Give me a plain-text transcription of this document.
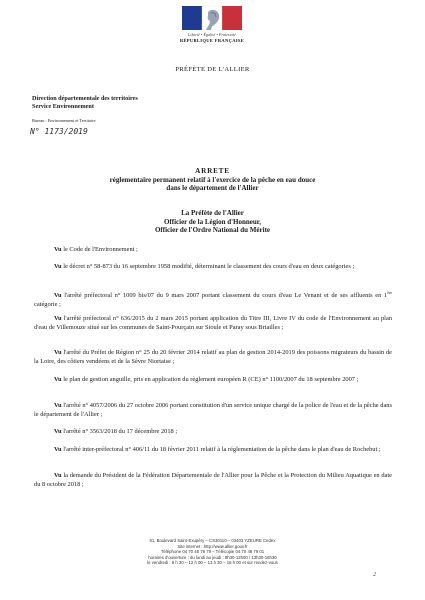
Liberté • Égalité • Fraternité
RÉPUBLIQUE FRANÇAISE
PRÉFÈTE DE L'ALLIER
Direction départementale des territoires
Service Environnement
Bureau : Environnement et Territoire
N° 1173/2019
ARRETE
réglementaire permanent relatif à l'exercice de la pêche en eau douce
dans le département de l'Allier
La Préfète de l'Allier
Officier de la Légion d'Honneur,
Officier de l'Ordre National du Mérite
Vu le Code de l'Environnement ;
Vu le décret n° 58-873 du 16 septembre 1958 modifié, déterminant le classement des cours d'eau en deux catégories ;
Vu l'arrêté préfectoral n° 1009 bis/07 du 9 mars 2007 portant classement du cours d'eau Le Venant et de ses affluents en 1ère catégorie ;
Vu l'arrêté préfectoral n° 636/2015 du 2 mars 2015 portant application du Titre III, Livre IV du code de l'Environnement au plan d'eau de Villemouze situé sur les communes de Saint-Pourçain sur Sioule et Paray sous Briailles ;
Vu l'arrêté du Préfet de Région n° 25 du 20 février 2014 relatif au plan de gestion 2014-2019 des poissons migrateurs du bassin de la Loire, des côtiers vendéens et de la Sèvre Niortaise ;
Vu le plan de gestion anguille, pris en application du règlement européen R (CE) n° 1100/2007 du 18 septembre 2007 ;
Vu l'arrêté n° 4057/2006 du 27 octobre 2006 portant constitution d'un service unique chargé de la police de l'eau et de la pêche dans le département de l'Allier ;
Vu l'arrêté n° 3563/2018 du 17 décembre 2018 ;
Vu l'arrêté inter-préfectoral n° 406/11 du 18 février 2011 relatif à la réglementation de la pêche dans le plan d'eau de Rochebut ;
Vu la demande du Président de la Fédération Départementale de l'Allier pour la Pêche et la Protection du Milieu Aquatique en date du 8 octobre 2018 ;
51, Boulevard Saint-Exupéry – CS30110 – 03403 YZEURE Cedex
Site internet : http://www.allier.gouv.fr
Téléphone 04 70 48 79 79 – Télécopie 04 70 48 79 01
horaires d'ouverture : du lundi au jeudi : 8h30-12h00 / 13h30-16h30
le vendredi : 8 h 30 – 12 h 00 – 13 h 30 – 16 h 00 et sur rendez-vous
2
